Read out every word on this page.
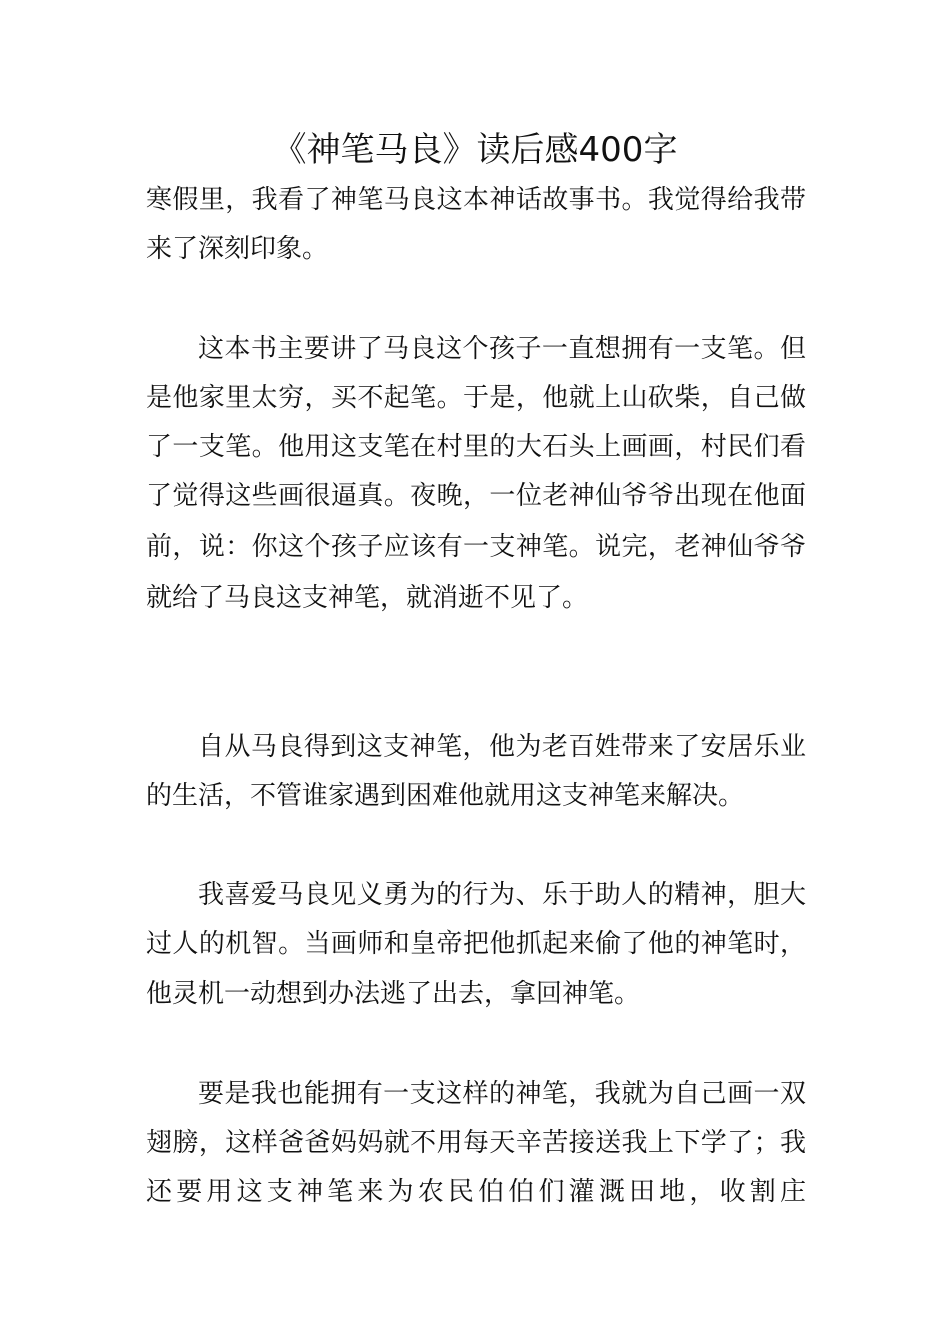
《神笔马良》读后感400字
寒假里，我看了神笔马良这本神话故事书。我觉得给我带
来了深刻印象。
这本书主要讲了马良这个孩子一直想拥有一支笔。但
是他家里太穷，买不起笔。于是，他就上山砍柴，自己做
了一支笔。他用这支笔在村里的大石头上画画，村民们看
了觉得这些画很逼真。夜晚，一位老神仙爷爷出现在他面
前，说：你这个孩子应该有一支神笔。说完，老神仙爷爷
就给了马良这支神笔，就消逝不见了。
自从马良得到这支神笔，他为老百姓带来了安居乐业
的生活，不管谁家遇到困难他就用这支神笔来解决。
我喜爱马良见义勇为的行为、乐于助人的精神，胆大
过人的机智。当画师和皇帝把他抓起来偷了他的神笔时，
他灵机一动想到办法逃了出去，拿回神笔。
要是我也能拥有一支这样的神笔，我就为自己画一双
翅膀，这样爸爸妈妈就不用每天辛苦接送我上下学了；我
还要用这支神笔来为农民伯伯们灌溉田地，收割庄
